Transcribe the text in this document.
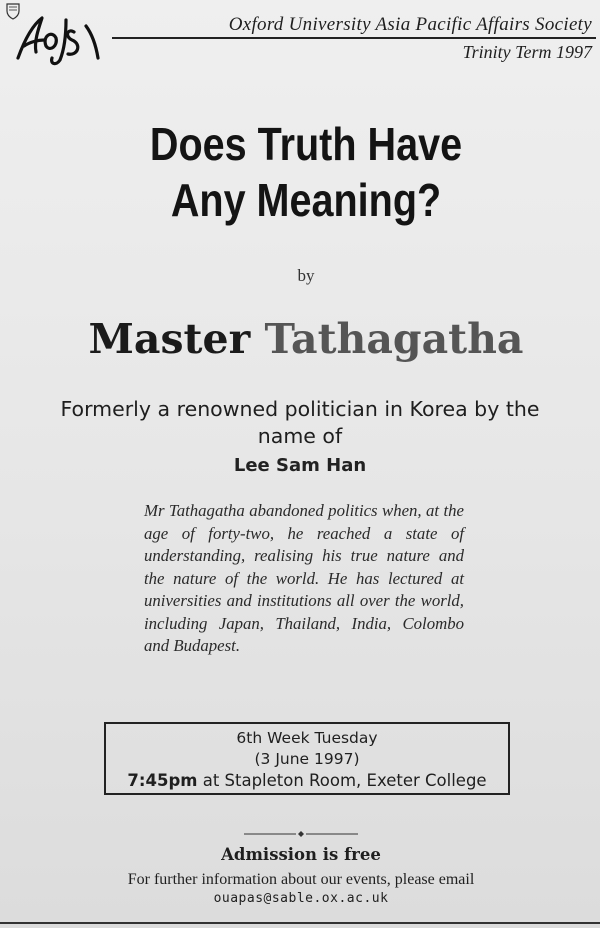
Oxford University Asia Pacific Affairs Society
Trinity Term 1997
Does Truth Have
Any Meaning?
by
Master Tathagatha
Formerly a renowned politician in Korea by the name of
Lee Sam Han
Mr Tathagatha abandoned politics when, at the age of forty-two, he reached a state of understanding, realising his true nature and the nature of the world. He has lectured at universities and institutions all over the world, including Japan, Thailand, India, Colombo and Budapest.
6th Week Tuesday
(3 June 1997)
7:45pm at Stapleton Room, Exeter College
Admission is free
For further information about our events, please email
ouapas@sable.ox.ac.uk
